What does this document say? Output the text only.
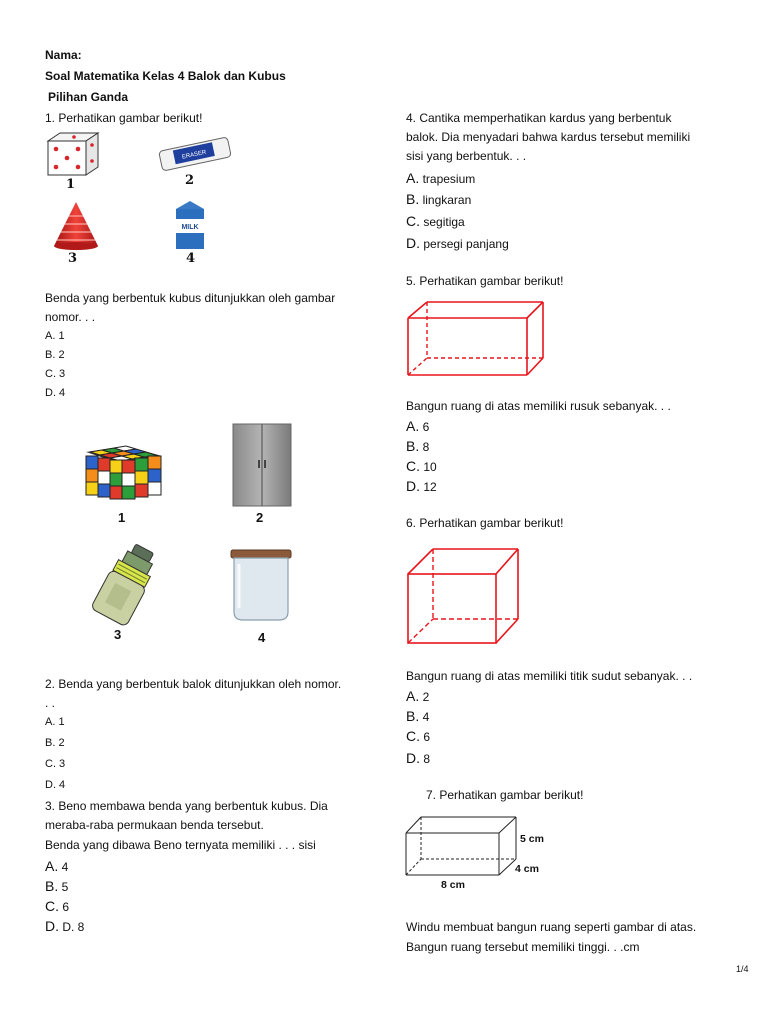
Nama:
Soal Matematika Kelas 4 Balok dan Kubus
Pilihan Ganda
1. Perhatikan gambar berikut!
1
ERASER
2
3
MILK
4
Benda yang berbentuk kubus ditunjukkan oleh gambar
nomor. . .
A. 1
B. 2
C. 3
D. 4
1	2
3	4
2. Benda yang berbentuk balok ditunjukkan oleh nomor.
. .
A. 1
B. 2
C. 3
D. 4
3. Beno membawa benda yang berbentuk kubus. Dia
meraba-raba permukaan benda tersebut.
Benda yang dibawa Beno ternyata memiliki . . . sisi
A. 4
B. 5
C. 6
D. D. 8
4. Cantika memperhatikan kardus yang berbentuk
balok. Dia menyadari bahwa kardus tersebut memiliki
sisi yang berbentuk. . .
A. trapesium
B. lingkaran
C. segitiga
D. persegi panjang
5. Perhatikan gambar berikut!
Bangun ruang di atas memiliki rusuk sebanyak. . .
A. 6
B. 8
C. 10
D. 12
6. Perhatikan gambar berikut!
Bangun ruang di atas memiliki titik sudut sebanyak. . .
A. 2
B. 4
C. 6
D. 8
7. Perhatikan gambar berikut!
5 cm
4 cm
8 cm
Windu membuat bangun ruang seperti gambar di atas.
Bangun ruang tersebut memiliki tinggi. . .cm
1/4
